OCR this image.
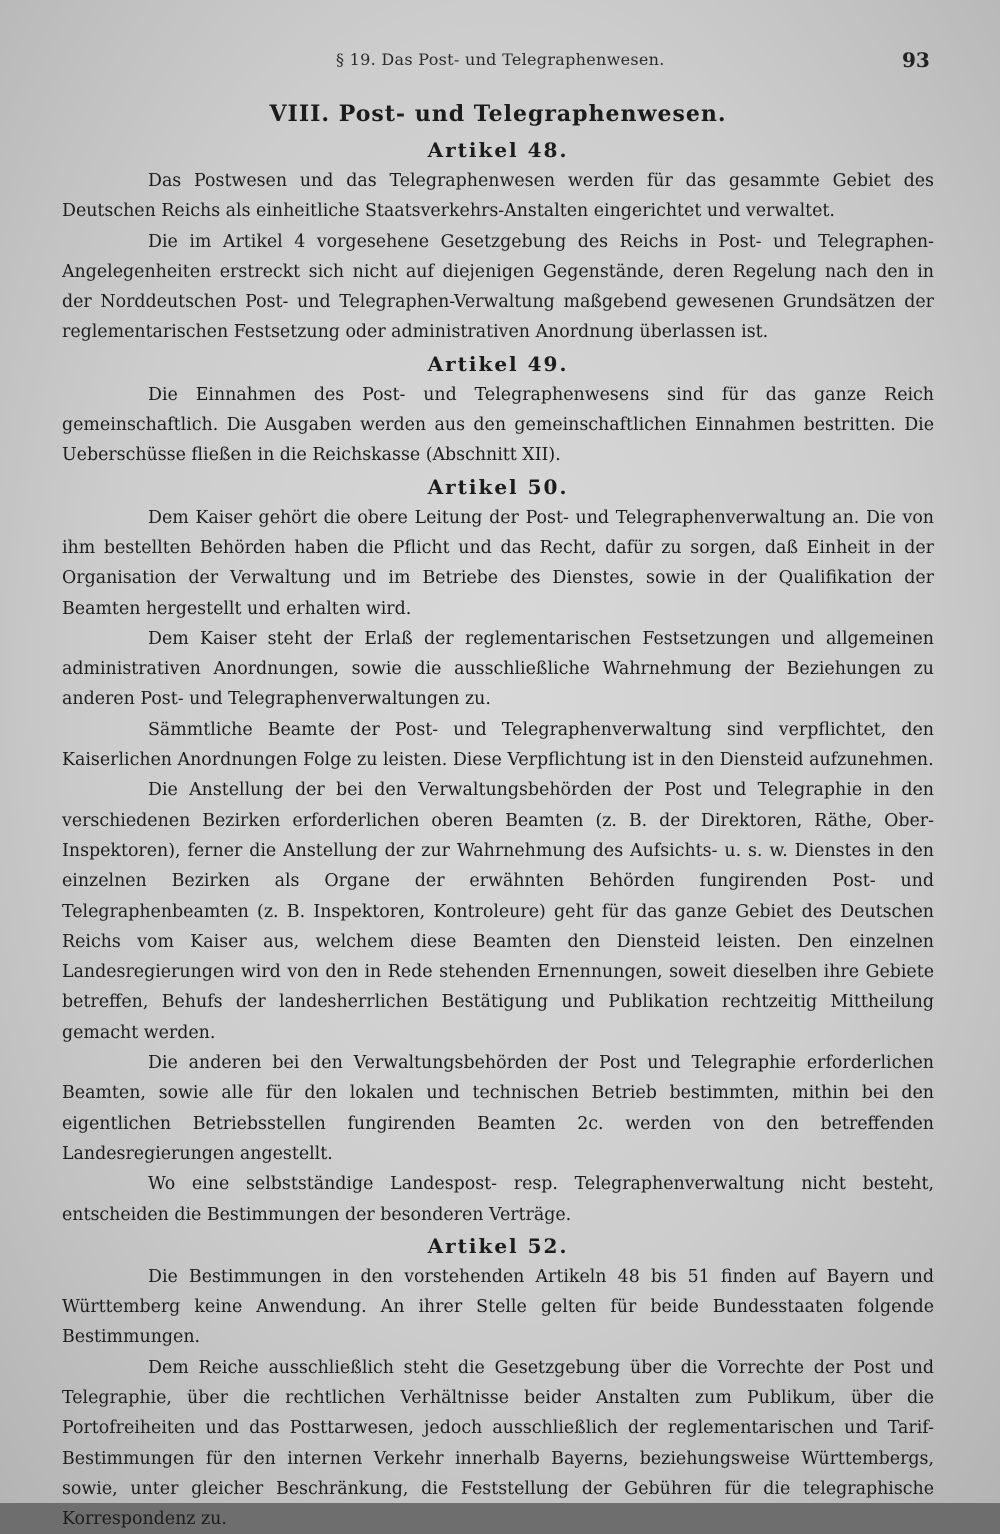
§ 19. Das Post- und Telegraphenwesen.	93
VIII. Post- und Telegraphenwesen.
Artikel 48.

Das Postwesen und das Telegraphenwesen werden für das gesammte Gebiet des Deutschen Reichs als einheitliche Staatsverkehrs-Anstalten eingerichtet und verwaltet.

Die im Artikel 4 vorgesehene Gesetzgebung des Reichs in Post- und Telegraphen-Angelegenheiten erstreckt sich nicht auf diejenigen Gegenstände, deren Regelung nach den in der Norddeutschen Post- und Telegraphen-Verwaltung maßgebend gewesenen Grundsätzen der reglementarischen Festsetzung oder administrativen Anordnung überlassen ist.

Artikel 49.

Die Einnahmen des Post- und Telegraphenwesens sind für das ganze Reich gemeinschaftlich. Die Ausgaben werden aus den gemeinschaftlichen Einnahmen bestritten. Die Ueberschüsse fließen in die Reichskasse (Abschnitt XII).

Artikel 50.

Dem Kaiser gehört die obere Leitung der Post- und Telegraphenverwaltung an. Die von ihm bestellten Behörden haben die Pflicht und das Recht, dafür zu sorgen, daß Einheit in der Organisation der Verwaltung und im Betriebe des Dienstes, sowie in der Qualifikation der Beamten hergestellt und erhalten wird.

Dem Kaiser steht der Erlaß der reglementarischen Festsetzungen und allgemeinen administrativen Anordnungen, sowie die ausschließliche Wahrnehmung der Beziehungen zu anderen Post- und Telegraphenverwaltungen zu.

Sämmtliche Beamte der Post- und Telegraphenverwaltung sind verpflichtet, den Kaiserlichen Anordnungen Folge zu leisten. Diese Verpflichtung ist in den Diensteid aufzunehmen.

Die Anstellung der bei den Verwaltungsbehörden der Post und Telegraphie in den verschiedenen Bezirken erforderlichen oberen Beamten (z. B. der Direktoren, Räthe, Ober-Inspektoren), ferner die Anstellung der zur Wahrnehmung des Aufsichts- u. s. w. Dienstes in den einzelnen Bezirken als Organe der erwähnten Behörden fungirenden Post- und Telegraphenbeamten (z. B. Inspektoren, Kontroleure) geht für das ganze Gebiet des Deutschen Reichs vom Kaiser aus, welchem diese Beamten den Diensteid leisten. Den einzelnen Landesregierungen wird von den in Rede stehenden Ernennungen, soweit dieselben ihre Gebiete betreffen, Behufs der landesherrlichen Bestätigung und Publikation rechtzeitig Mittheilung gemacht werden.

Die anderen bei den Verwaltungsbehörden der Post und Telegraphie erforderlichen Beamten, sowie alle für den lokalen und technischen Betrieb bestimmten, mithin bei den eigentlichen Betriebsstellen fungirenden Beamten 2c. werden von den betreffenden Landesregierungen angestellt.

Wo eine selbstständige Landespost- resp. Telegraphenverwaltung nicht besteht, entscheiden die Bestimmungen der besonderen Verträge.

Artikel 52.

Die Bestimmungen in den vorstehenden Artikeln 48 bis 51 finden auf Bayern und Württemberg keine Anwendung. An ihrer Stelle gelten für beide Bundesstaaten folgende Bestimmungen.

Dem Reiche ausschließlich steht die Gesetzgebung über die Vorrechte der Post und Telegraphie, über die rechtlichen Verhältnisse beider Anstalten zum Publikum, über die Portofreiheiten und das Posttarwesen, jedoch ausschließlich der reglementarischen und Tarif-Bestimmungen für den internen Verkehr innerhalb Bayerns, beziehungsweise Württembergs, sowie, unter gleicher Beschränkung, die Feststellung der Gebühren für die telegraphische Korrespondenz zu.
